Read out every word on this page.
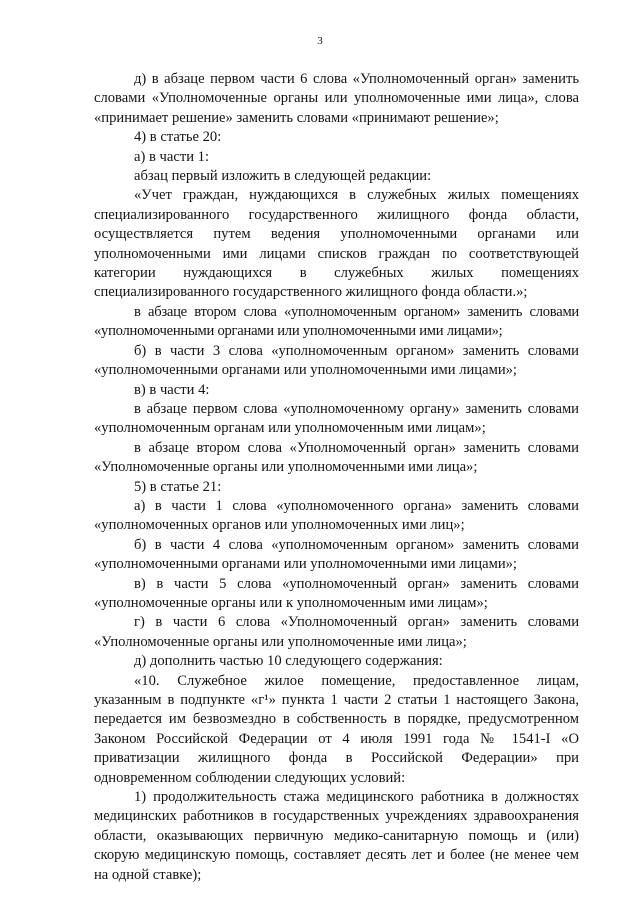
3

д) в абзаце первом части 6 слова «Уполномоченный орган» заменить словами «Уполномоченные органы или уполномоченные ими лица», слова «принимает решение» заменить словами «принимают решение»;

4) в статье 20:

а) в части 1:

абзац первый изложить в следующей редакции:

«Учет граждан, нуждающихся в служебных жилых помещениях специализированного государственного жилищного фонда области, осуществляется путем ведения уполномоченными органами или уполномоченными ими лицами списков граждан по соответствующей категории нуждающихся в служебных жилых помещениях специализированного государственного жилищного фонда области.»;

в абзаце втором слова «уполномоченным органом» заменить словами «уполномоченными органами или уполномоченными ими лицами»;

б) в части 3 слова «уполномоченным органом» заменить словами «уполномоченными органами или уполномоченными ими лицами»;

в) в части 4:

в абзаце первом слова «уполномоченному органу» заменить словами «уполномоченным органам или уполномоченным ими лицам»;

в абзаце втором слова «Уполномоченный орган» заменить словами «Уполномоченные органы или уполномоченными ими лица»;

5) в статье 21:

а) в части 1 слова «уполномоченного органа» заменить словами «уполномоченных органов или уполномоченных ими лиц»;

б) в части 4 слова «уполномоченным органом» заменить словами «уполномоченными органами или уполномоченными ими лицами»;

в) в части 5 слова «уполномоченный орган» заменить словами «уполномоченные органы или к уполномоченным ими лицам»;

г) в части 6 слова «Уполномоченный орган» заменить словами «Уполномоченные органы или уполномоченные ими лица»;

д) дополнить частью 10 следующего содержания:

«10. Служебное жилое помещение, предоставленное лицам, указанным в подпункте «г¹» пункта 1 части 2 статьи 1 настоящего Закона, передается им безвозмездно в собственность в порядке, предусмотренном Законом Российской Федерации от 4 июля 1991 года № 1541-I «О приватизации жилищного фонда в Российской Федерации» при одновременном соблюдении следующих условий:

1) продолжительность стажа медицинского работника в должностях медицинских работников в государственных учреждениях здравоохранения области, оказывающих первичную медико-санитарную помощь и (или) скорую медицинскую помощь, составляет десять лет и более (не менее чем на одной ставке);
